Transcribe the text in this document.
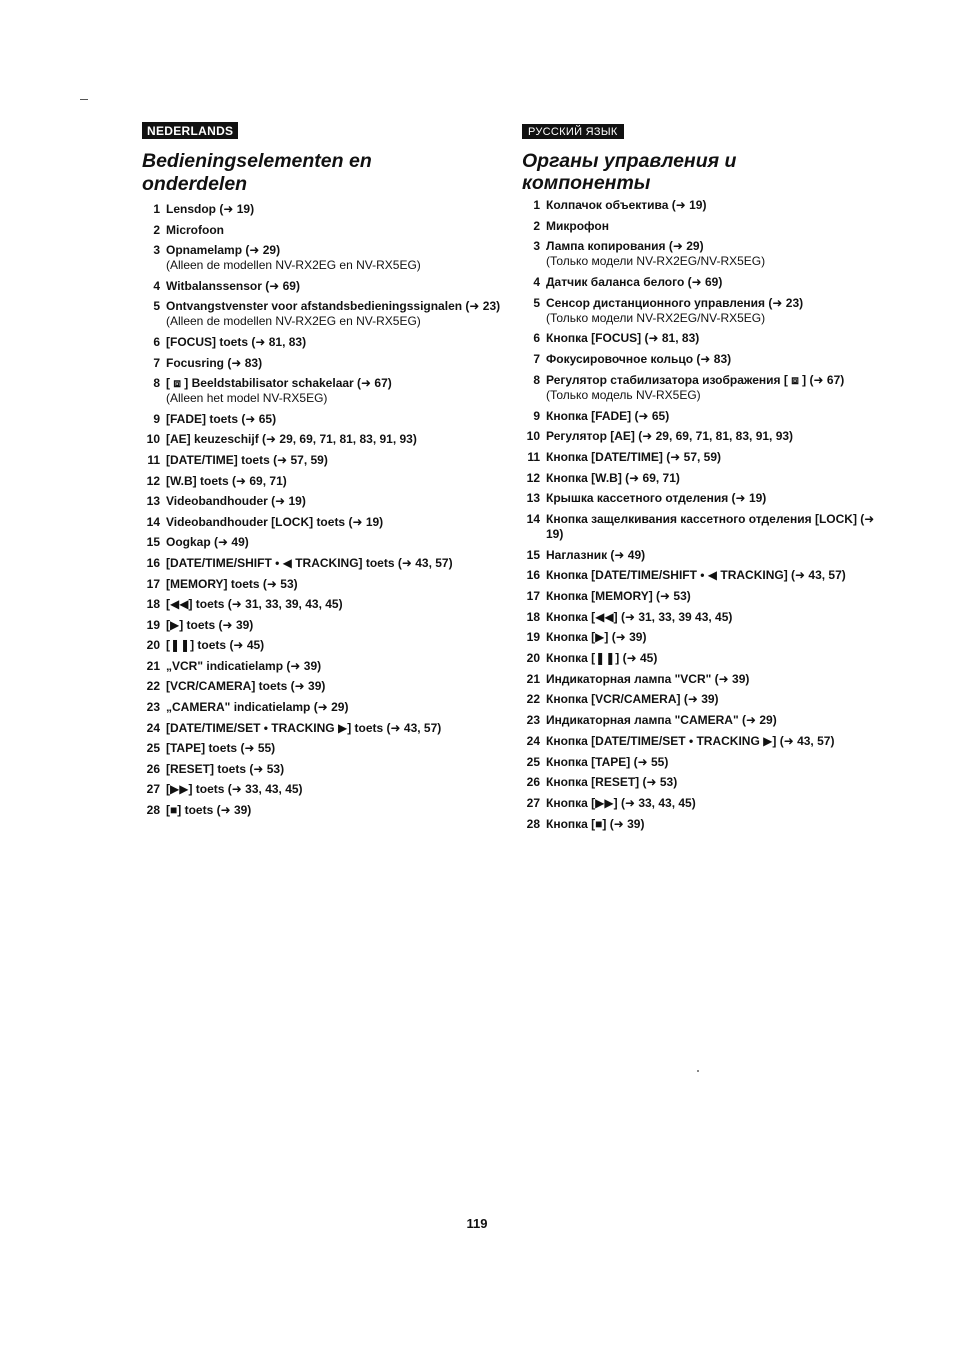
NEDERLANDS
Bedieningselementen en
onderdelen
1 Lensdop (➜ 19)
2 Microfoon
3 Opnamelamp (➜ 29)
(Alleen de modellen NV-RX2EG en NV-RX5EG)
4 Witbalanssensor (➜ 69)
5 Ontvangstvenster voor afstandsbedieningssignalen (➜ 23)
(Alleen de modellen NV-RX2EG en NV-RX5EG)
6 [FOCUS] toets (➜ 81, 83)
7 Focusring (➜ 83)
8 [ ⧈ ] Beeldstabilisator schakelaar (➜ 67)
(Alleen het model NV-RX5EG)
9 [FADE] toets (➜ 65)
10 [AE] keuzeschijf (➜ 29, 69, 71, 81, 83, 91, 93)
11 [DATE/TIME] toets (➜ 57, 59)
12 [W.B] toets (➜ 69, 71)
13 Videobandhouder (➜ 19)
14 Videobandhouder [LOCK] toets (➜ 19)
15 Oogkap (➜ 49)
16 [DATE/TIME/SHIFT • ◀ TRACKING] toets (➜ 43, 57)
17 [MEMORY] toets (➜ 53)
18 [◀◀] toets (➜ 31, 33, 39, 43, 45)
19 [▶] toets (➜ 39)
20 [❚❚] toets (➜ 45)
21 „VCR" indicatielamp (➜ 39)
22 [VCR/CAMERA] toets (➜ 39)
23 „CAMERA" indicatielamp (➜ 29)
24 [DATE/TIME/SET • TRACKING ▶] toets (➜ 43, 57)
25 [TAPE] toets (➜ 55)
26 [RESET] toets (➜ 53)
27 [▶▶] toets (➜ 33, 43, 45)
28 [■] toets (➜ 39)
РУССКИЙ ЯЗЫК
Органы управления и
компоненты
1 Колпачок объектива (➜ 19)
2 Микрофон
3 Лампа копирования (➜ 29)
(Только модели NV-RX2EG/NV-RX5EG)
4 Датчик баланса белого (➜ 69)
5 Сенсор дистанционного управления (➜ 23)
(Только модели NV-RX2EG/NV-RX5EG)
6 Кнопка [FOCUS] (➜ 81, 83)
7 Фокусировочное кольцо (➜ 83)
8 Регулятор стабилизатора изображения [ ⧈ ] (➜ 67)
(Только модель NV-RX5EG)
9 Кнопка [FADE] (➜ 65)
10 Регулятор [AE] (➜ 29, 69, 71, 81, 83, 91, 93)
11 Кнопка [DATE/TIME] (➜ 57, 59)
12 Кнопка [W.B] (➜ 69, 71)
13 Крышка кассетного отделения (➜ 19)
14 Кнопка защелкивания кассетного отделения [LOCK] (➜ 19)
15 Наглазник (➜ 49)
16 Кнопка [DATE/TIME/SHIFT • ◀ TRACKING] (➜ 43, 57)
17 Кнопка [MEMORY] (➜ 53)
18 Кнопка [◀◀] (➜ 31, 33, 39 43, 45)
19 Кнопка [▶] (➜ 39)
20 Кнопка [❚❚] (➜ 45)
21 Индикаторная лампа "VCR" (➜ 39)
22 Кнопка [VCR/CAMERA] (➜ 39)
23 Индикаторная лампа "CAMERA" (➜ 29)
24 Кнопка [DATE/TIME/SET • TRACKING ▶] (➜ 43, 57)
25 Кнопка [TAPE] (➜ 55)
26 Кнопка [RESET] (➜ 53)
27 Кнопка [▶▶] (➜ 33, 43, 45)
28 Кнопка [■] (➜ 39)
119
